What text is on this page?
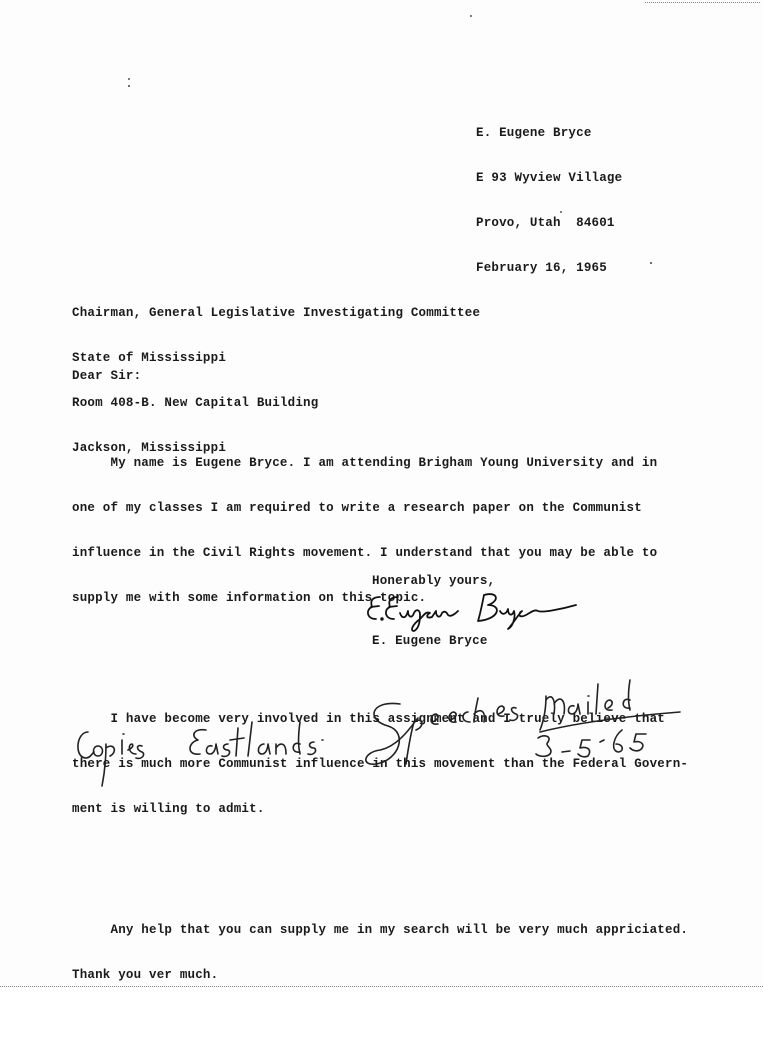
E. Eugene Bryce

E 93 Wyview Village

Provo, Utah  84601

February 16, 1965

Chairman, General Legislative Investigating Committee

State of Mississippi

Room 408-B. New Capital Building

Jackson, Mississippi

Dear Sir:

My name is Eugene Bryce. I am attending Brigham Young University and in

one of my classes I am required to write a research paper on the Communist

influence in the Civil Rights movement. I understand that you may be able to

supply me with some information on this topic.

I have become very involved in this assignment and I truely believe that

there is much more Communist influence in this movement than the Federal Govern-

ment is willing to admit.

Any help that you can supply me in my search will be very much appriciated.

Thank you ver much.

Honerably yours,
E. Eugene Bryce
